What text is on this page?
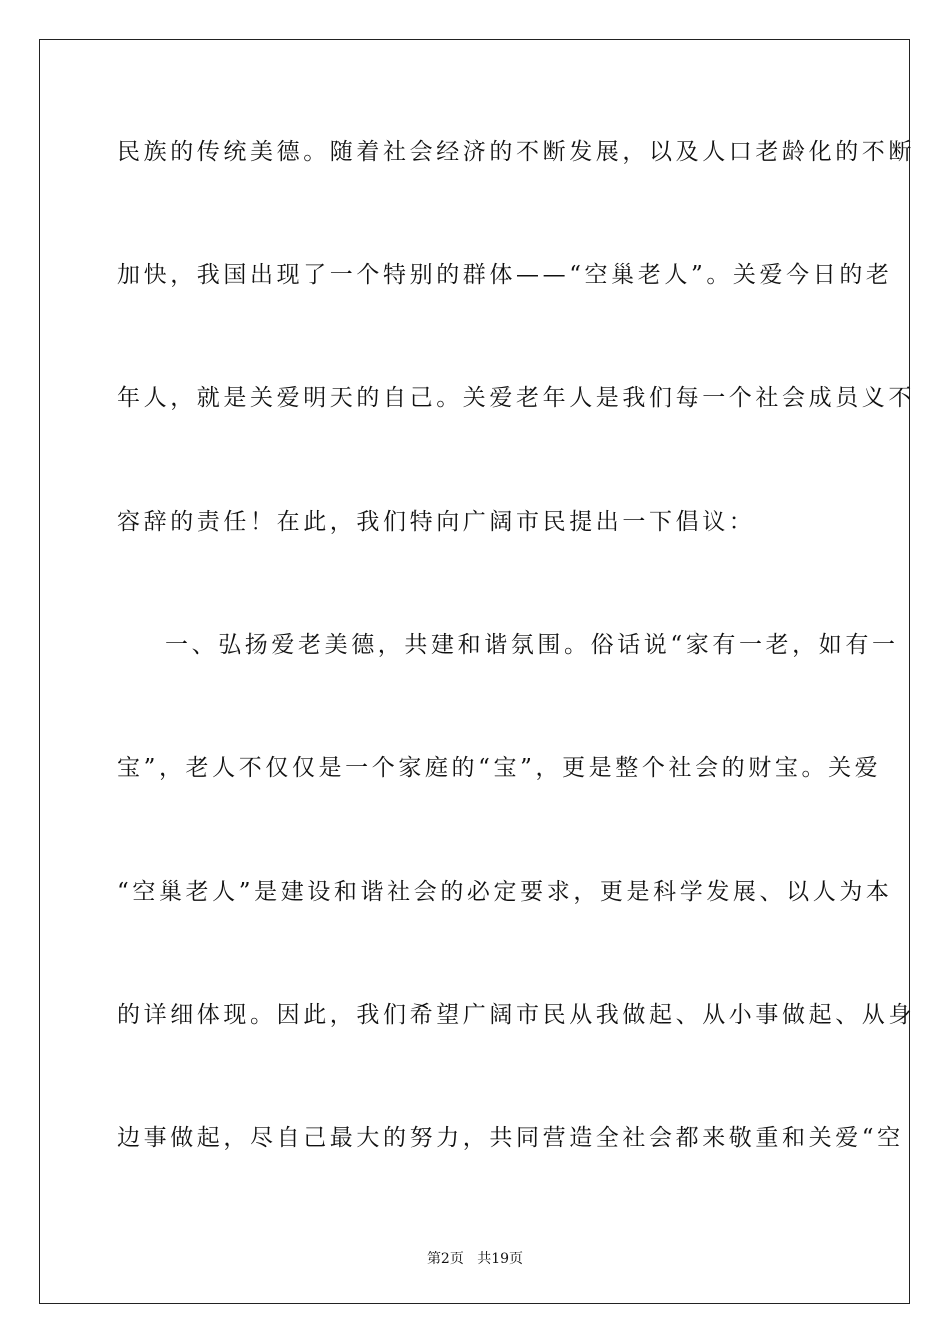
民族的传统美德。随着社会经济的不断发展，以及人口老龄化的不断
加快，我国出现了一个特别的群体——“空巢老人”。关爱今日的老
年人，就是关爱明天的自己。关爱老年人是我们每一个社会成员义不
容辞的责任！在此，我们特向广阔市民提出一下倡议：
一、弘扬爱老美德，共建和谐氛围。俗话说“家有一老，如有一
宝”，老人不仅仅是一个家庭的“宝”，更是整个社会的财宝。关爱
“空巢老人”是建设和谐社会的必定要求，更是科学发展、以人为本
的详细体现。因此，我们希望广阔市民从我做起、从小事做起、从身
边事做起，尽自己最大的努力，共同营造全社会都来敬重和关爱“空
第2页 共19页
